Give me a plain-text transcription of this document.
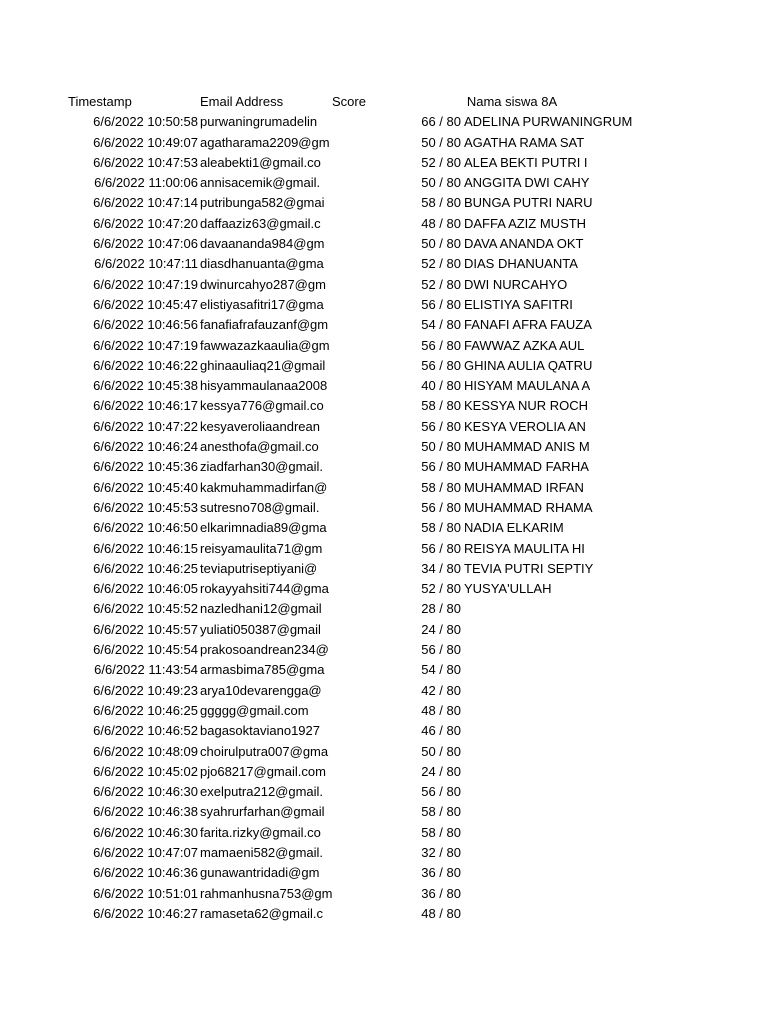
Timestamp	Email Address	Score	Nama siswa 8A
6/6/2022 10:50:58 purwaningrumadelin	66 / 80 ADELINA PURWANINGRUM
6/6/2022 10:49:07 agatharama2209@gm	50 / 80 AGATHA RAMA SAT
6/6/2022 10:47:53 aleabekti1@gmail.co	52 / 80 ALEA BEKTI PUTRI I
6/6/2022 11:00:06 annisacemik@gmail.	50 / 80 ANGGITA DWI CAHY
6/6/2022 10:47:14 putribunga582@gmai	58 / 80 BUNGA PUTRI NARU
6/6/2022 10:47:20 daffaaziz63@gmail.c	48 / 80 DAFFA AZIZ MUSTH
6/6/2022 10:47:06 davaananda984@gm	50 / 80 DAVA ANANDA OKT
6/6/2022 10:47:11 diasdhanuanta@gma	52 / 80 DIAS DHANUANTA
6/6/2022 10:47:19 dwinurcahyo287@gm	52 / 80 DWI NURCAHYO
6/6/2022 10:45:47 elistiyasafitri17@gma	56 / 80 ELISTIYA SAFITRI
6/6/2022 10:46:56 fanafiafrafauzanf@gm	54 / 80 FANAFI AFRA FAUZA
6/6/2022 10:47:19 fawwazazkaaulia@gm	56 / 80 FAWWAZ AZKA AUL
6/6/2022 10:46:22 ghinaauliaq21@gmail	56 / 80 GHINA AULIA QATRU
6/6/2022 10:45:38 hisyammaulanaa2008	40 / 80 HISYAM MAULANA A
6/6/2022 10:46:17 kessya776@gmail.co	58 / 80 KESSYA NUR ROCH
6/6/2022 10:47:22 kesyaveroliaandrean	56 / 80 KESYA VEROLIA AN
6/6/2022 10:46:24 anesthofa@gmail.co	50 / 80 MUHAMMAD ANIS M
6/6/2022 10:45:36 ziadfarhan30@gmail.	56 / 80 MUHAMMAD FARHA
6/6/2022 10:45:40 kakmuhammadirfan@	58 / 80 MUHAMMAD IRFAN
6/6/2022 10:45:53 sutresno708@gmail.	56 / 80 MUHAMMAD RHAMA
6/6/2022 10:46:50 elkarimnadia89@gma	58 / 80 NADIA ELKARIM
6/6/2022 10:46:15 reisyamaulita71@gm	56 / 80 REISYA MAULITA HI
6/6/2022 10:46:25 teviaputriseptiyani@	34 / 80 TEVIA PUTRI SEPTIY
6/6/2022 10:46:05 rokayyahsiti744@gma	52 / 80 YUSYA'ULLAH
6/6/2022 10:45:52 nazledhani12@gmail	28 / 80
6/6/2022 10:45:57 yuliati050387@gmail	24 / 80
6/6/2022 10:45:54 prakosoandrean234@	56 / 80
6/6/2022 11:43:54 armasbima785@gma	54 / 80
6/6/2022 10:49:23 arya10devarengga@	42 / 80
6/6/2022 10:46:25 ggggg@gmail.com	48 / 80
6/6/2022 10:46:52 bagasoktaviano1927	46 / 80
6/6/2022 10:48:09 choirulputra007@gma	50 / 80
6/6/2022 10:45:02 pjo68217@gmail.com	24 / 80
6/6/2022 10:46:30 exelputra212@gmail.	56 / 80
6/6/2022 10:46:38 syahrurfarhan@gmail	58 / 80
6/6/2022 10:46:30 farita.rizky@gmail.co	58 / 80
6/6/2022 10:47:07 mamaeni582@gmail.	32 / 80
6/6/2022 10:46:36 gunawantridadi@gm	36 / 80
6/6/2022 10:51:01 rahmanhusna753@gm	36 / 80
6/6/2022 10:46:27 ramaseta62@gmail.c	48 / 80
